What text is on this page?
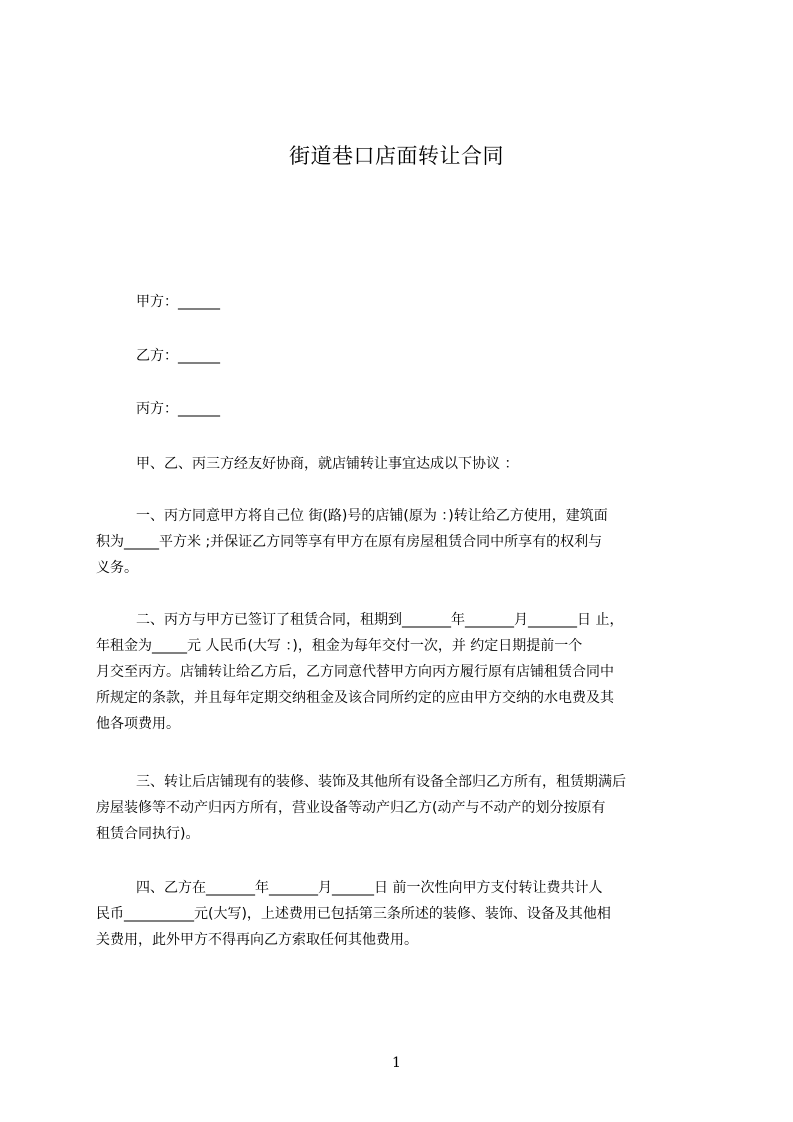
街道巷口店面转让合同
甲方：______
乙方：______
丙方：______
甲、乙、丙三方经友好协商，就店铺转让事宜达成以下协议 ：
一、丙方同意甲方将自己位 街(路)号的店铺(原为 ：)转让给乙方使用，建筑面
积为_____平方米 ;并保证乙方同等享有甲方在原有房屋租赁合同中所享有的权利与
义务。
二、丙方与甲方已签订了租赁合同，租期到_______年_______月_______日 止，
年租金为_____元 人民币(大写 ：)，租金为每年交付一次，并 约定日期提前一个
月交至丙方。店铺转让给乙方后，乙方同意代替甲方向丙方履行原有店铺租赁合同中
所规定的条款，并且每年定期交纳租金及该合同所约定的应由甲方交纳的水电费及其
他各项费用。
三、转让后店铺现有的装修、装饰及其他所有设备全部归乙方所有，租赁期满后
房屋装修等不动产归丙方所有，营业设备等动产归乙方(动产与不动产的划分按原有
租赁合同执行)。
四、乙方在_______年_______月______日 前一次性向甲方支付转让费共计人
民币__________元(大写)，上述费用已包括第三条所述的装修、装饰、设备及其他相
关费用，此外甲方不得再向乙方索取任何其他费用。
1
